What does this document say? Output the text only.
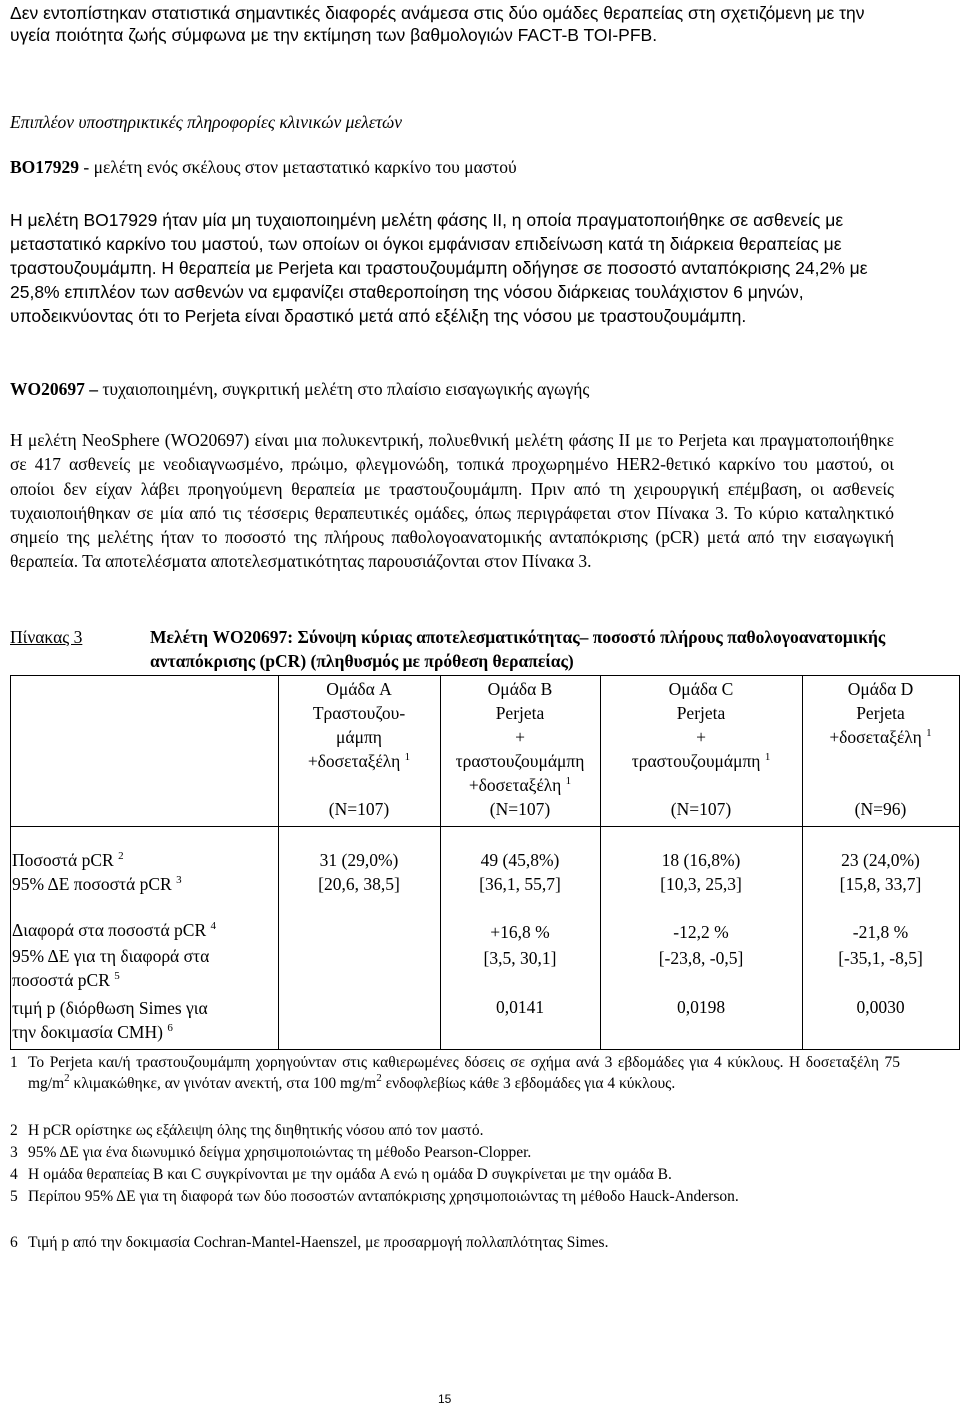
Δεν εντοπίστηκαν στατιστικά σημαντικές διαφορές ανάμεσα στις δύο ομάδες θεραπείας στη σχετιζόμενη με την υγεία ποιότητα ζωής σύμφωνα με την εκτίμηση των βαθμολογιών FACT-B TOI-PFB.
Επιπλέον υποστηρικτικές πληροφορίες κλινικών μελετών
BO17929 - μελέτη ενός σκέλους στον μεταστατικό καρκίνο του μαστού
Η μελέτη BO17929 ήταν μία μη τυχαιοποιημένη μελέτη φάσης II, η οποία πραγματοποιήθηκε σε ασθενείς με μεταστατικό καρκίνο του μαστού, των οποίων οι όγκοι εμφάνισαν επιδείνωση κατά τη διάρκεια θεραπείας με τραστουζουμάμπη. Η θεραπεία με Perjeta και τραστουζουμάμπη οδήγησε σε ποσοστό ανταπόκρισης 24,2% με 25,8% επιπλέον των ασθενών να εμφανίζει σταθεροποίηση της νόσου διάρκειας τουλάχιστον 6 μηνών, υποδεικνύοντας ότι το Perjeta είναι δραστικό μετά από εξέλιξη της νόσου με τραστουζουμάμπη.
WO20697 – τυχαιοποιημένη, συγκριτική μελέτη στο πλαίσιο εισαγωγικής αγωγής
Η μελέτη NeoSphere (WO20697) είναι μια πολυκεντρική, πολυεθνική μελέτη φάσης II με το Perjeta και πραγματοποιήθηκε σε 417 ασθενείς με νεοδιαγνωσμένο, πρώιμο, φλεγμονώδη, τοπικά προχωρημένο HER2-θετικό καρκίνο του μαστού, οι οποίοι δεν είχαν λάβει προηγούμενη θεραπεία με τραστουζουμάμπη. Πριν από τη χειρουργική επέμβαση, οι ασθενείς τυχαιοποιήθηκαν σε μία από τις τέσσερις θεραπευτικές ομάδες, όπως περιγράφεται στον Πίνακα 3. Το κύριο καταληκτικό σημείο της μελέτης ήταν το ποσοστό της πλήρους παθολογοανατομικής ανταπόκρισης (pCR) μετά από την εισαγωγική θεραπεία. Τα αποτελέσματα αποτελεσματικότητας παρουσιάζονται στον Πίνακα 3.
Πίνακας 3	Μελέτη WO20697: Σύνοψη κύριας αποτελεσματικότητας– ποσοστό πλήρους παθολογοανατομικής ανταπόκρισης (pCR) (πληθυσμός με πρόθεση θεραπείας)
Ομάδα A
Τραστουζου-
μάμπη
+δοσεταξέλη $^1$
(N=107)
Ομάδα B
Perjeta
+
τραστουζουμάμπη
+δοσεταξέλη $^1$
(N=107)
Ομάδα C
Perjeta
+
τραστουζουμάμπη $^1$
(N=107)
Ομάδα D
Perjeta
+δοσεταξέλη $^1$
(N=96)
Ποσοστά pCR $^2$
95% ΔΕ ποσοστά pCR $^3$
Διαφορά στα ποσοστά pCR $^4$
95% ΔΕ για τη διαφορά στα
ποσοστά pCR $^5$
τιμή p (διόρθωση Simes για
την δοκιμασία CMH) $^6$
31 (29,0%)
[20,6, 38,5]
49 (45,8%)
[36,1, 55,7]
+16,8 %
[3,5, 30,1]
0,0141
18 (16,8%)
[10,3, 25,3]
-12,2 %
[-23,8, -0,5]
0,0198
23 (24,0%)
[15,8, 33,7]
-21,8 %
[-35,1, -8,5]
0,0030
1 Το Perjeta και/ή τραστουζουμάμπη χορηγούνταν στις καθιερωμένες δόσεις σε σχήμα ανά 3 εβδομάδες για 4 κύκλους. Η δοσεταξέλη 75 $mg/m^2$ κλιμακώθηκε, αν γινόταν ανεκτή, στα 100 $mg/m^2$ ενδοφλεβίως κάθε 3 εβδομάδες για 4 κύκλους.
2 Η pCR ορίστηκε ως εξάλειψη όλης της διηθητικής νόσου από τον μαστό.
3 95% ΔΕ για ένα διωνυμικό δείγμα χρησιμοποιώντας τη μέθοδο Pearson-Clopper.
4 Η ομάδα θεραπείας B και C συγκρίνονται με την ομάδα A ενώ η ομάδα D συγκρίνεται με την ομάδα B.
5 Περίπου 95% ΔΕ για τη διαφορά των δύο ποσοστών ανταπόκρισης χρησιμοποιώντας τη μέθοδο Hauck-Anderson.
6 Τιμή p από την δοκιμασία Cochran-Mantel-Haenszel, με προσαρμογή πολλαπλότητας Simes.
15
